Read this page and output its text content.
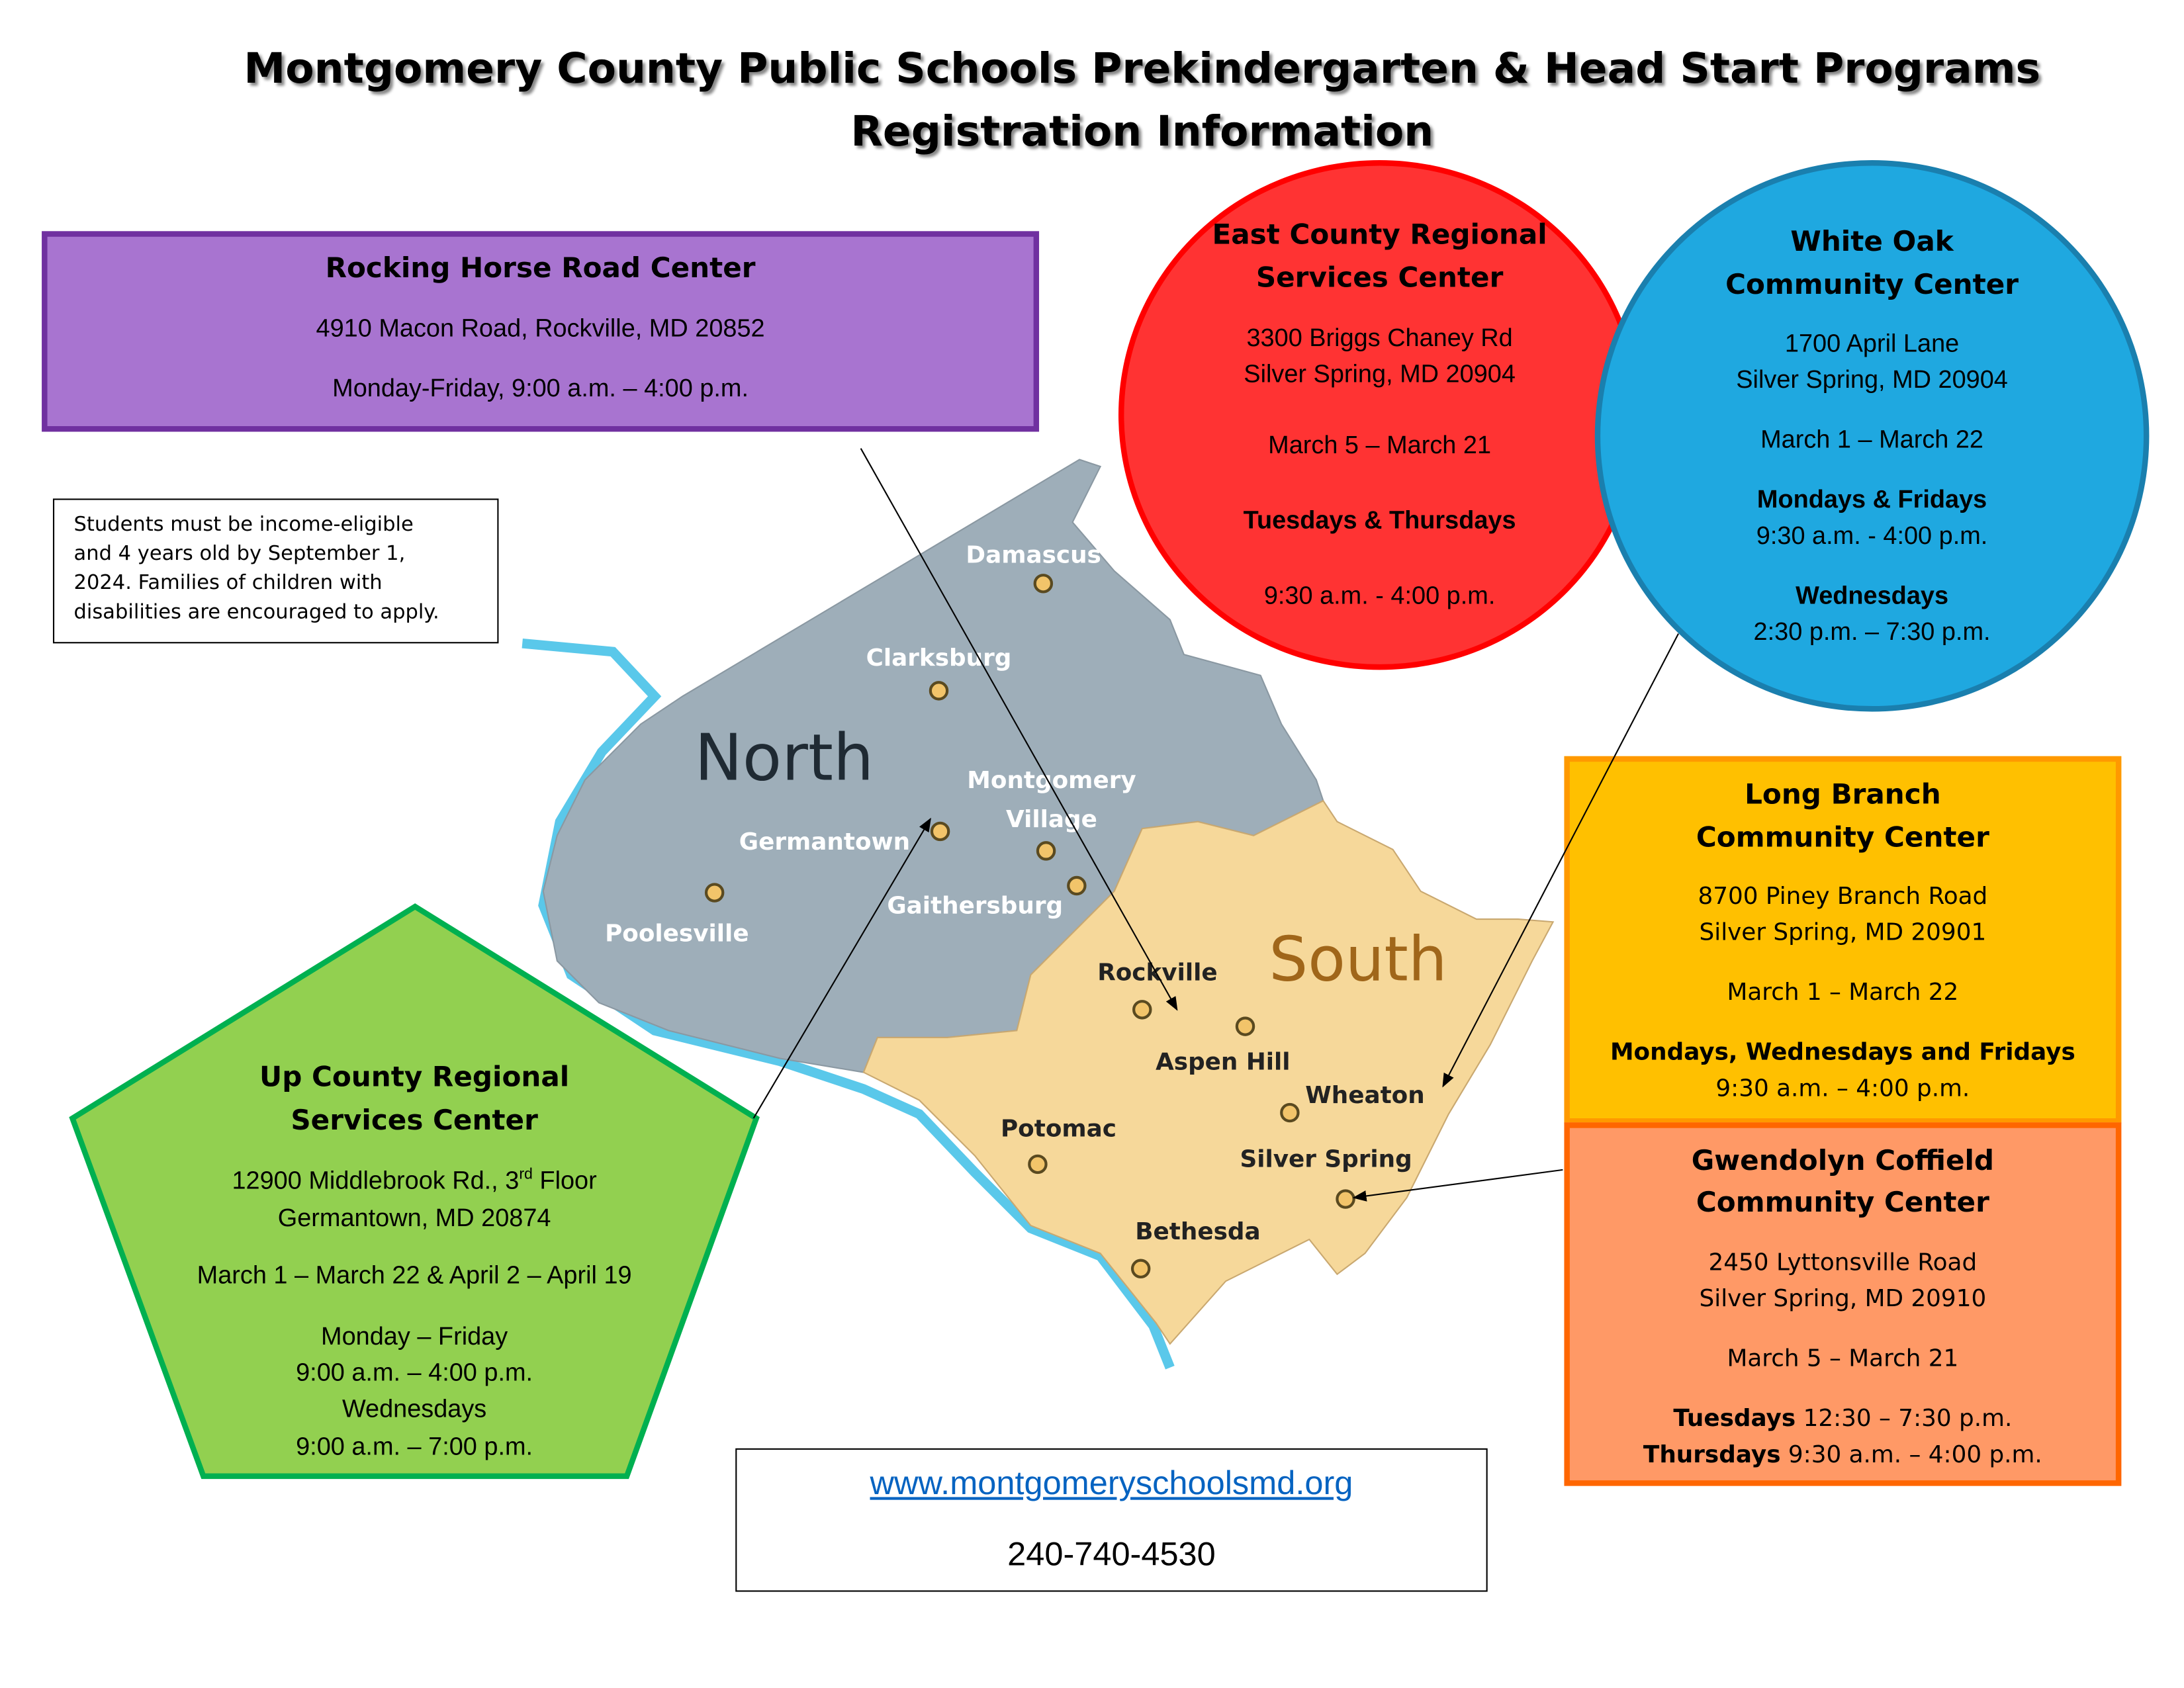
Montgomery County Public Schools Prekindergarten & Head Start Programs
Registration Information
North
South
Damascus
Clarksburg
Montgomery
Village
Germantown
Gaithersburg
Poolesville
Rockville
Aspen Hill
Wheaton
Potomac
Silver Spring
Bethesda
Rocking Horse Road Center
4910 Macon Road, Rockville, MD 20852
Monday-Friday, 9:00 a.m. – 4:00 p.m.
Students must be income-eligible
and 4 years old by September 1,
2024. Families of children with
disabilities are encouraged to apply.
East County Regional
Services Center
3300 Briggs Chaney Rd
Silver Spring, MD 20904
March 5 – March 21
Tuesdays & Thursdays
9:30 a.m. - 4:00 p.m.
White Oak
Community Center
1700 April Lane
Silver Spring, MD 20904
March 1 – March 22
Mondays & Fridays
9:30 a.m. - 4:00 p.m.
Wednesdays
2:30 p.m. – 7:30 p.m.
Long Branch
Community Center
8700 Piney Branch Road
Silver Spring, MD 20901
March 1 – March 22
Mondays, Wednesdays and Fridays
9:30 a.m. – 4:00 p.m.
Gwendolyn Coffield
Community Center
2450 Lyttonsville Road
Silver Spring, MD 20910
March 5 – March 21
Tuesdays 12:30 – 7:30 p.m.
Thursdays 9:30 a.m. – 4:00 p.m.
Up County Regional
Services Center
12900 Middlebrook Rd., 3rd Floor
Germantown, MD 20874
March 1 – March 22 & April 2 – April 19
Monday – Friday
9:00 a.m. – 4:00 p.m.
Wednesdays
9:00 a.m. – 7:00 p.m.
www.montgomeryschoolsmd.org
240-740-4530
